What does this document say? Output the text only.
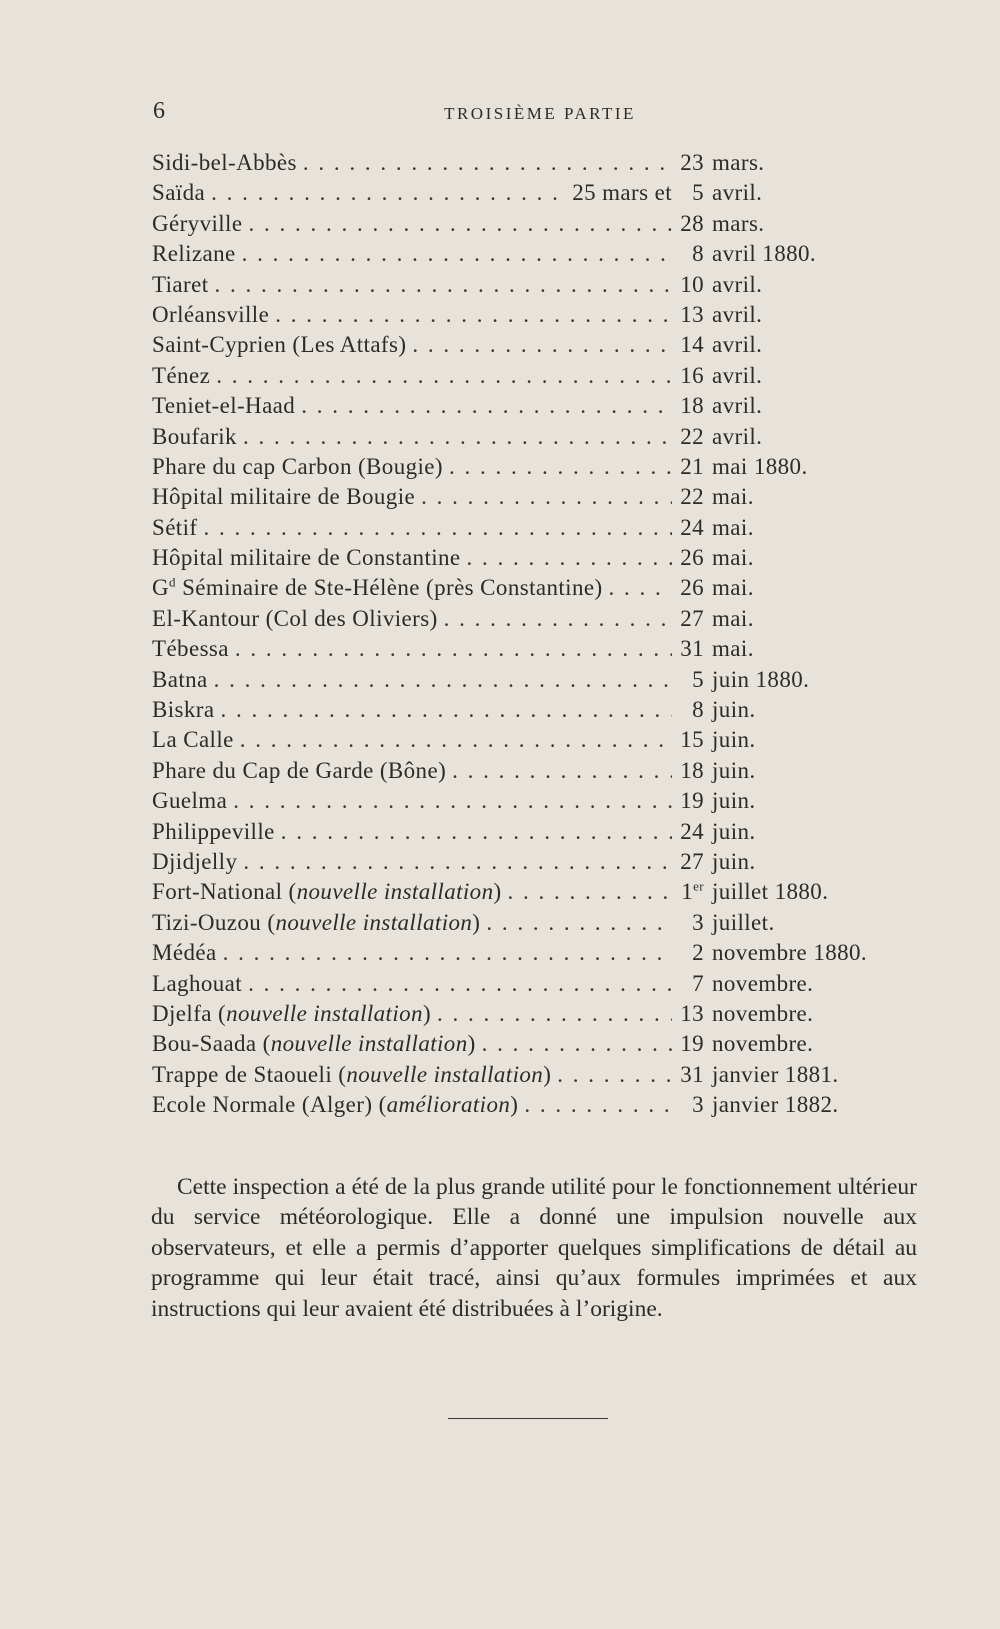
6	TROISIÈME PARTIE
Sidi-bel-Abbès . . .	23 mars.
Saïda . . .	25 mars et 5 avril.
Géryville . . .	28 mars.
Relizane . . .	8 avril 1880.
Tiaret . . .	10 avril.
Orléansville . . .	13 avril.
Saint-Cyprien (Les Attafs) . . .	14 avril.
Ténez . . .	16 avril.
Teniet-el-Haad . . .	18 avril.
Boufarik . . .	22 avril.
Phare du cap Carbon (Bougie) . . .	21 mai 1880.
Hôpital militaire de Bougie . . .	22 mai.
Sétif . . .	24 mai.
Hôpital militaire de Constantine . . .	26 mai.
$G^d$ Séminaire de Ste-Hélène (près Constantine) . . .	26 mai.
El-Kantour (Col des Oliviers) . . .	27 mai.
Tébessa . . .	31 mai.
Batna . . .	5 juin 1880.
Biskra . . .	8 juin.
La Calle . . .	15 juin.
Phare du Cap de Garde (Bône) . . .	18 juin.
Guelma . . .	19 juin.
Philippeville . . .	24 juin.
Djidjelly . . .	27 juin.
Fort-National (nouvelle installation) . . .	1er juillet 1880.
Tizi-Ouzou (nouvelle installation) . . .	3 juillet.
Médéa . . .	2 novembre 1880.
Laghouat . . .	7 novembre.
Djelfa (nouvelle installation) . . .	13 novembre.
Bou-Saada (nouvelle installation) . . .	19 novembre.
Trappe de Staoueli (nouvelle installation) . . .	31 janvier 1881.
Ecole Normale (Alger) (amélioration) . . .	3 janvier 1882.

Cette inspection a été de la plus grande utilité pour le fonctionnement ultérieur du service météorologique. Elle a donné une impulsion nouvelle aux observateurs, et elle a permis d’apporter quelques simplifications de détail au programme qui leur était tracé, ainsi qu’aux formules imprimées et aux instructions qui leur avaient été distribuées à l’origine.
